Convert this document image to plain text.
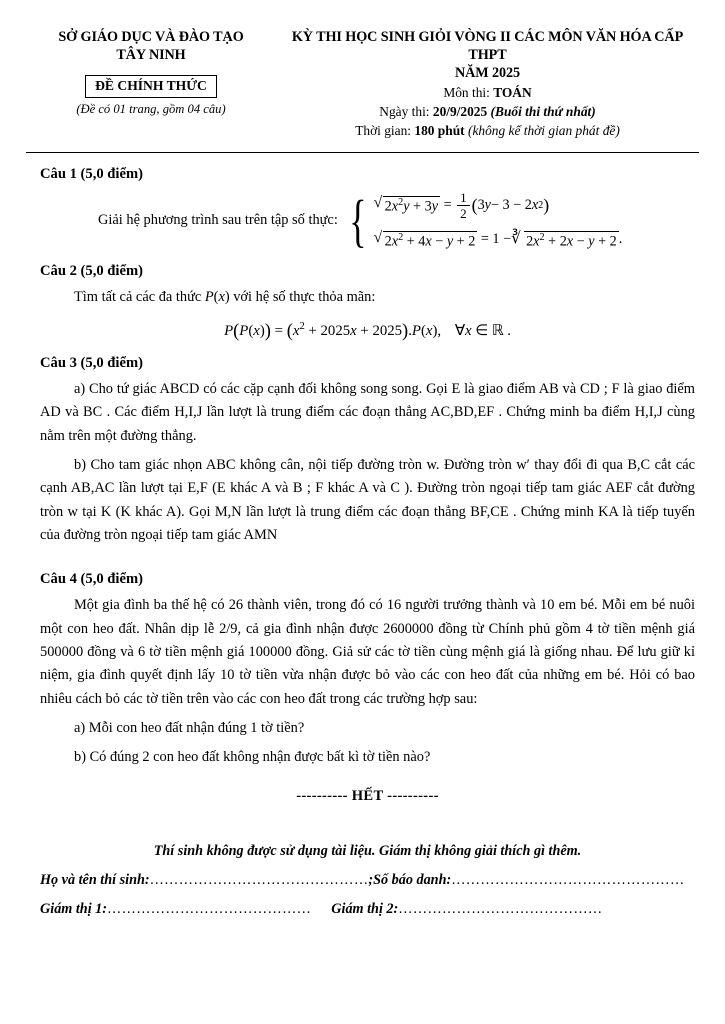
SỞ GIÁO DỤC VÀ ĐÀO TẠO
TÂY NINH
ĐỀ CHÍNH THỨC
(Đề có 01 trang, gồm 04 câu)
KỲ THI HỌC SINH GIỎI VÒNG II CÁC MÔN VĂN HÓA CẤP THPT
NĂM 2025
Môn thi: TOÁN
Ngày thi: 20/9/2025 (Buổi thi thứ nhất)
Thời gian: 180 phút (không kể thời gian phát đề)
Câu 1 (5,0 điểm)
Giải hệ phương trình sau trên tập số thực: {	√ $2x^2y + 3y = \frac{1}{2}$ ( 3 y − 3 − 2 x 2 )
√ $2x^2 + 4x - y + 2 = 1$ −	∛ $2x^2 + 2x - y + 2$ .
Câu 2 (5,0 điểm)
Tìm tất cả các đa thức P(x) với hệ số thực thỏa mãn:
$P(P(x)) = (x^2 + 2025x + 2025).P(x)$, ∀x ∈ ℝ .
Câu 3 (5,0 điểm)
a) Cho tứ giác ABCD có các cặp cạnh đối không song song. Gọi E là giao điểm AB và CD ; F là giao điểm AD và BC . Các điểm H,I,J lần lượt là trung điểm các đoạn thẳng AC,BD,EF . Chứng minh ba điểm H,I,J cùng nằm trên một đường thẳng.
b) Cho tam giác nhọn ABC không cân, nội tiếp đường tròn w. Đường tròn w′ thay đổi đi qua B,C cắt các cạnh AB,AC lần lượt tại E,F (E khác A và B ; F khác A và C ). Đường tròn ngoại tiếp tam giác AEF cắt đường tròn w tại K (K khác A). Gọi M,N lần lượt là trung điểm các đoạn thẳng BF,CE . Chứng minh KA là tiếp tuyến của đường tròn ngoại tiếp tam giác AMN
Câu 4 (5,0 điểm)
Một gia đình ba thế hệ có 26 thành viên, trong đó có 16 người trưởng thành và 10 em bé. Mỗi em bé nuôi một con heo đất. Nhân dịp lễ 2/9, cả gia đình nhận được 2600000 đồng từ Chính phủ gồm 4 tờ tiền mệnh giá 500000 đồng và 6 tờ tiền mệnh giá 100000 đồng. Giả sử các tờ tiền cùng mệnh giá là giống nhau. Để lưu giữ kỉ niệm, gia đình quyết định lấy 10 tờ tiền vừa nhận được bỏ vào các con heo đất của những em bé. Hỏi có bao nhiêu cách bỏ các tờ tiền trên vào các con heo đất trong các trường hợp sau:
a) Mỗi con heo đất nhận đúng 1 tờ tiền?
b) Có đúng 2 con heo đất không nhận được bất kì tờ tiền nào?
---------- HẾT ----------
Thí sinh không được sử dụng tài liệu. Giám thị không giải thích gì thêm.
Họ và tên thí sinh:………………………………………;Số báo danh:…………………………………………
Giám thị 1:…………………………………… Giám thị 2:……………………………………
